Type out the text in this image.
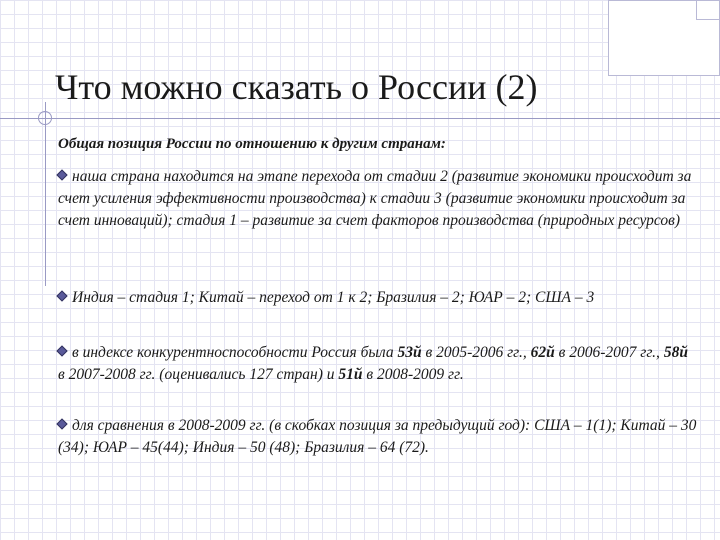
Что можно сказать о России (2)
Общая позиция России по отношению к другим странам:
наша страна находится на этапе перехода от стадии 2 (развитие экономики происходит за счет усиления эффективности производства) к стадии 3 (развитие экономики происходит за счет инноваций); стадия 1 – развитие за счет факторов производства (природных ресурсов)
Индия – стадия 1; Китай – переход от 1 к 2; Бразилия – 2; ЮАР – 2; США – 3
в индексе конкурентноспособности Россия была 53й в 2005-2006 гг., 62й в 2006-2007 гг., 58й в 2007-2008 гг. (оценивались 127 стран) и 51й в 2008-2009 гг.
для сравнения в 2008-2009 гг. (в скобках позиция за предыдущий год): США – 1(1); Китай – 30 (34); ЮАР – 45(44); Индия – 50 (48); Бразилия – 64 (72).
